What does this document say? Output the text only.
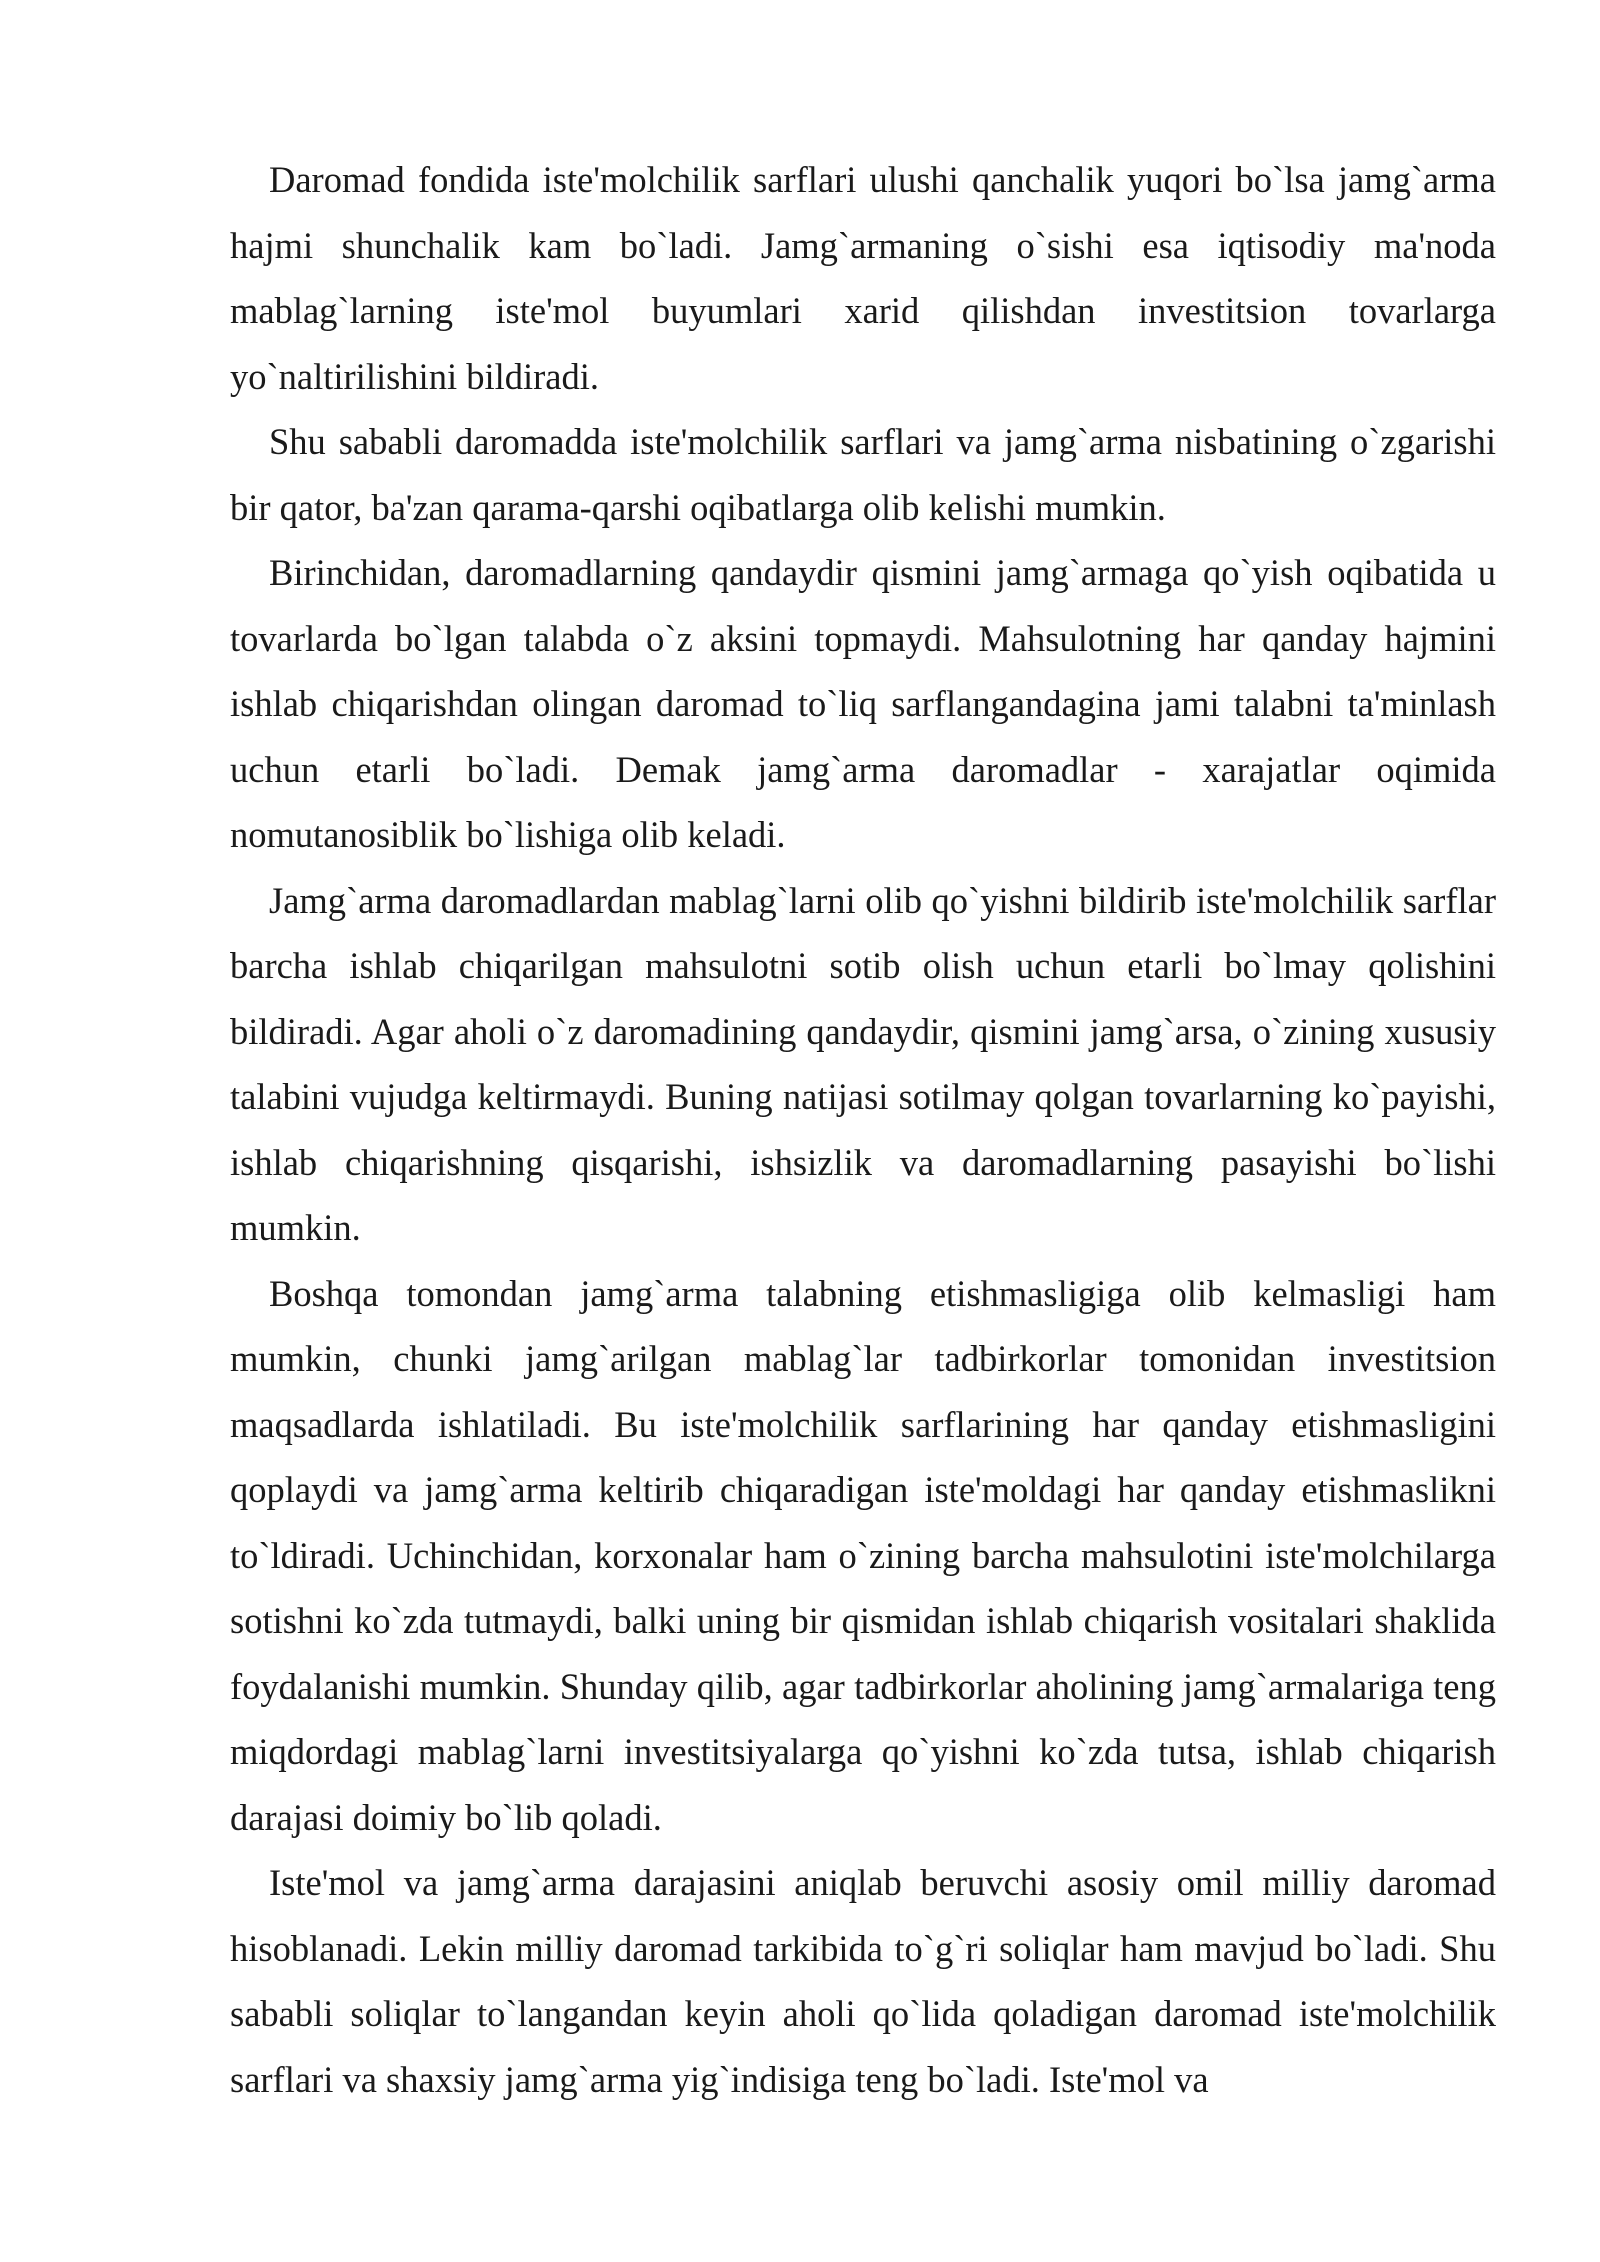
Daromad fondida iste'molchilik sarflari ulushi qanchalik yuqori bo`lsa jamg`arma hajmi shunchalik kam bo`ladi. Jamg`armaning o`sishi esa iqtisodiy ma'noda mablag`larning iste'mol buyumlari xarid qilishdan investitsion tovarlarga yo`naltirilishini bildiradi.

Shu sababli daromadda iste'molchilik sarflari va jamg`arma nisbatining o`zgarishi bir qator, ba'zan qarama-qarshi oqibatlarga olib kelishi mumkin.

Birinchidan, daromadlarning qandaydir qismini jamg`armaga qo`yish oqibatida u tovarlarda bo`lgan talabda o`z aksini topmaydi. Mahsulotning har qanday hajmini ishlab chiqarishdan olingan daromad to`liq sarflangandagina jami talabni ta'minlash uchun etarli bo`ladi. Demak jamg`arma daromadlar - xarajatlar oqimida nomutanosiblik bo`lishiga olib keladi.

Jamg`arma daromadlardan mablag`larni olib qo`yishni bildirib iste'molchilik sarflar barcha ishlab chiqarilgan mahsulotni sotib olish uchun etarli bo`lmay qolishini bildiradi. Agar aholi o`z daromadining qandaydir, qismini jamg`arsa, o`zining xususiy talabini vujudga keltirmaydi. Buning natijasi sotilmay qolgan tovarlarning ko`payishi, ishlab chiqarishning qisqarishi, ishsizlik va daromadlarning pasayishi bo`lishi mumkin.

Boshqa tomondan jamg`arma talabning etishmasligiga olib kelmasligi ham mumkin, chunki jamg`arilgan mablag`lar tadbirkorlar tomonidan investitsion maqsadlarda ishlatiladi. Bu iste'molchilik sarflarining har qanday etishmasligini qoplaydi va jamg`arma keltirib chiqaradigan iste'moldagi har qanday etishmaslikni to`ldiradi. Uchinchidan, korxonalar ham o`zining barcha mahsulotini iste'molchilarga sotishni ko`zda tutmaydi, balki uning bir qismidan ishlab chiqarish vositalari shaklida foydalanishi mumkin. Shunday qilib, agar tadbirkorlar aholining jamg`armalariga teng miqdordagi mablag`larni investitsiyalarga qo`yishni ko`zda tutsa, ishlab chiqarish darajasi doimiy bo`lib qoladi.

Iste'mol va jamg`arma darajasini aniqlab beruvchi asosiy omil milliy daromad hisoblanadi. Lekin milliy daromad tarkibida to`g`ri soliqlar ham mavjud bo`ladi. Shu sababli soliqlar to`langandan keyin aholi qo`lida qoladigan daromad iste'molchilik sarflari va shaxsiy jamg`arma yig`indisiga teng bo`ladi. Iste'mol va
